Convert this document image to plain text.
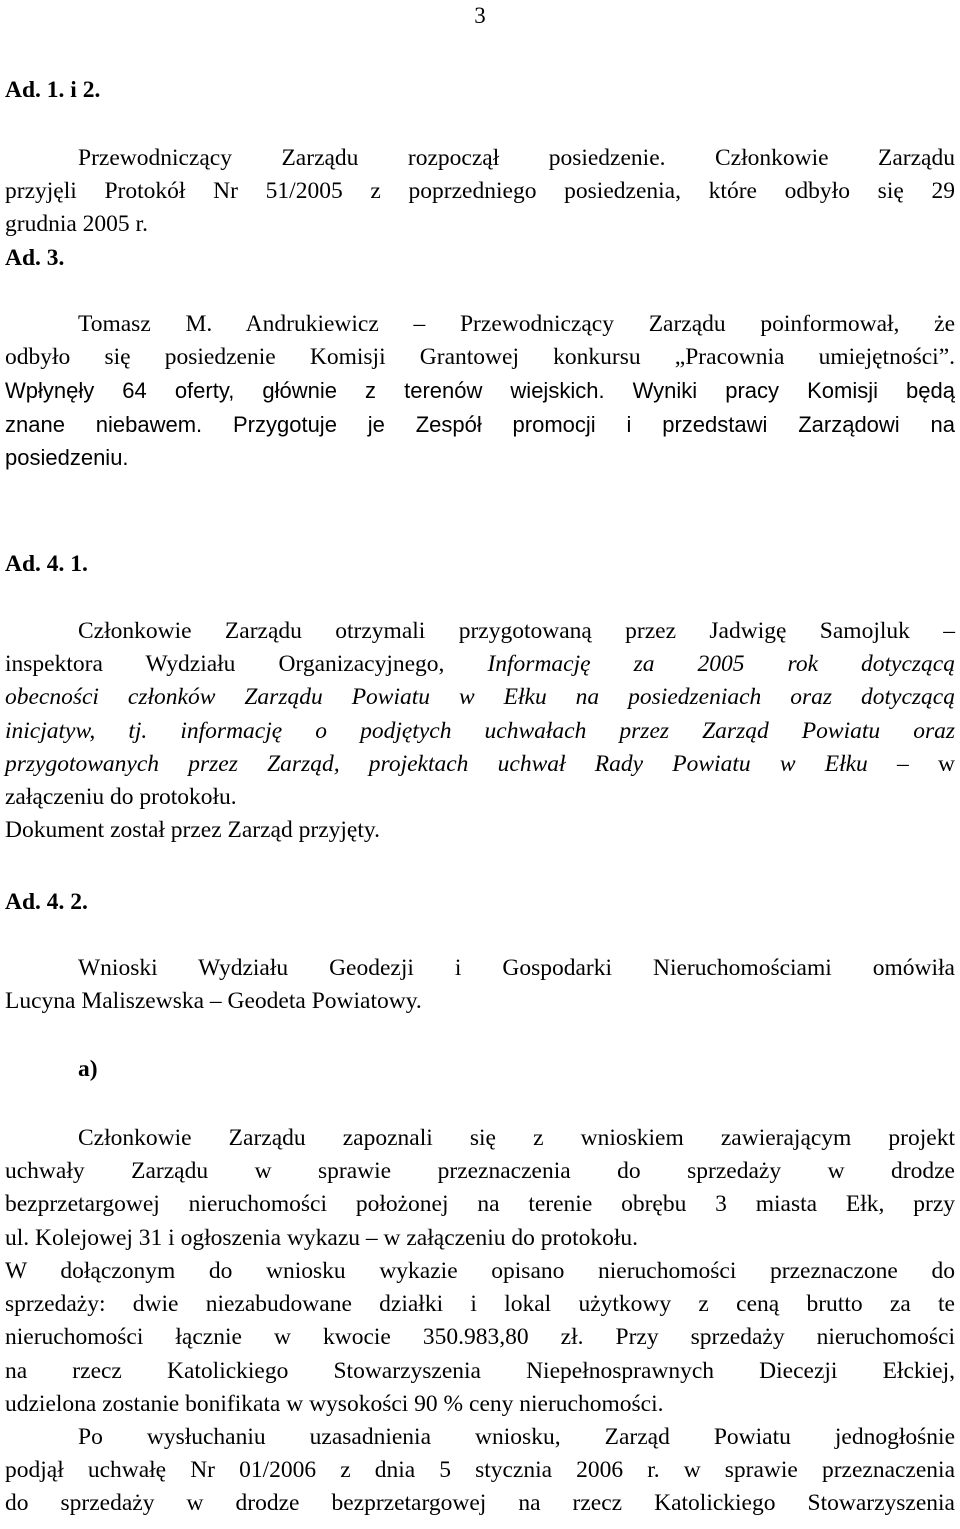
3
Ad. 1. i 2.
Przewodniczący Zarządu rozpoczął posiedzenie. Członkowie Zarządu
przyjęli Protokół Nr 51/2005 z poprzedniego posiedzenia, które odbyło się 29
grudnia 2005 r.
Ad. 3.
Tomasz M. Andrukiewicz – Przewodniczący Zarządu poinformował, że
odbyło się posiedzenie Komisji Grantowej konkursu „Pracownia umiejętności”.
Wpłynęły 64 oferty, głównie z terenów wiejskich. Wyniki pracy Komisji będą
znane niebawem. Przygotuje je Zespół promocji i przedstawi Zarządowi na
posiedzeniu.
Ad. 4. 1.
Członkowie Zarządu otrzymali przygotowaną przez Jadwigę Samojluk –
inspektora Wydziału Organizacyjnego, Informację za 2005 rok dotyczącą
obecności członków Zarządu Powiatu w Ełku na posiedzeniach oraz dotyczącą
inicjatyw, tj. informację o podjętych uchwałach przez Zarząd Powiatu oraz
przygotowanych przez Zarząd, projektach uchwał Rady Powiatu w Ełku – w
załączeniu do protokołu.
Dokument został przez Zarząd przyjęty.
Ad. 4. 2.
Wnioski Wydziału Geodezji i Gospodarki Nieruchomościami omówiła
Lucyna Maliszewska – Geodeta Powiatowy.
a)
Członkowie Zarządu zapoznali się z wnioskiem zawierającym projekt
uchwały Zarządu w sprawie przeznaczenia do sprzedaży w drodze
bezprzetargowej nieruchomości położonej na terenie obrębu 3 miasta Ełk, przy
ul. Kolejowej 31 i ogłoszenia wykazu – w załączeniu do protokołu.
W dołączonym do wniosku wykazie opisano nieruchomości przeznaczone do
sprzedaży: dwie niezabudowane działki i lokal użytkowy z ceną brutto za te
nieruchomości łącznie w kwocie 350.983,80 zł. Przy sprzedaży nieruchomości
na rzecz Katolickiego Stowarzyszenia Niepełnosprawnych Diecezji Ełckiej,
udzielona zostanie bonifikata w wysokości 90 % ceny nieruchomości.
Po wysłuchaniu uzasadnienia wniosku, Zarząd Powiatu jednogłośnie
podjął uchwałę Nr 01/2006 z dnia 5 stycznia 2006 r. w sprawie przeznaczenia
do sprzedaży w drodze bezprzetargowej na rzecz Katolickiego Stowarzyszenia
